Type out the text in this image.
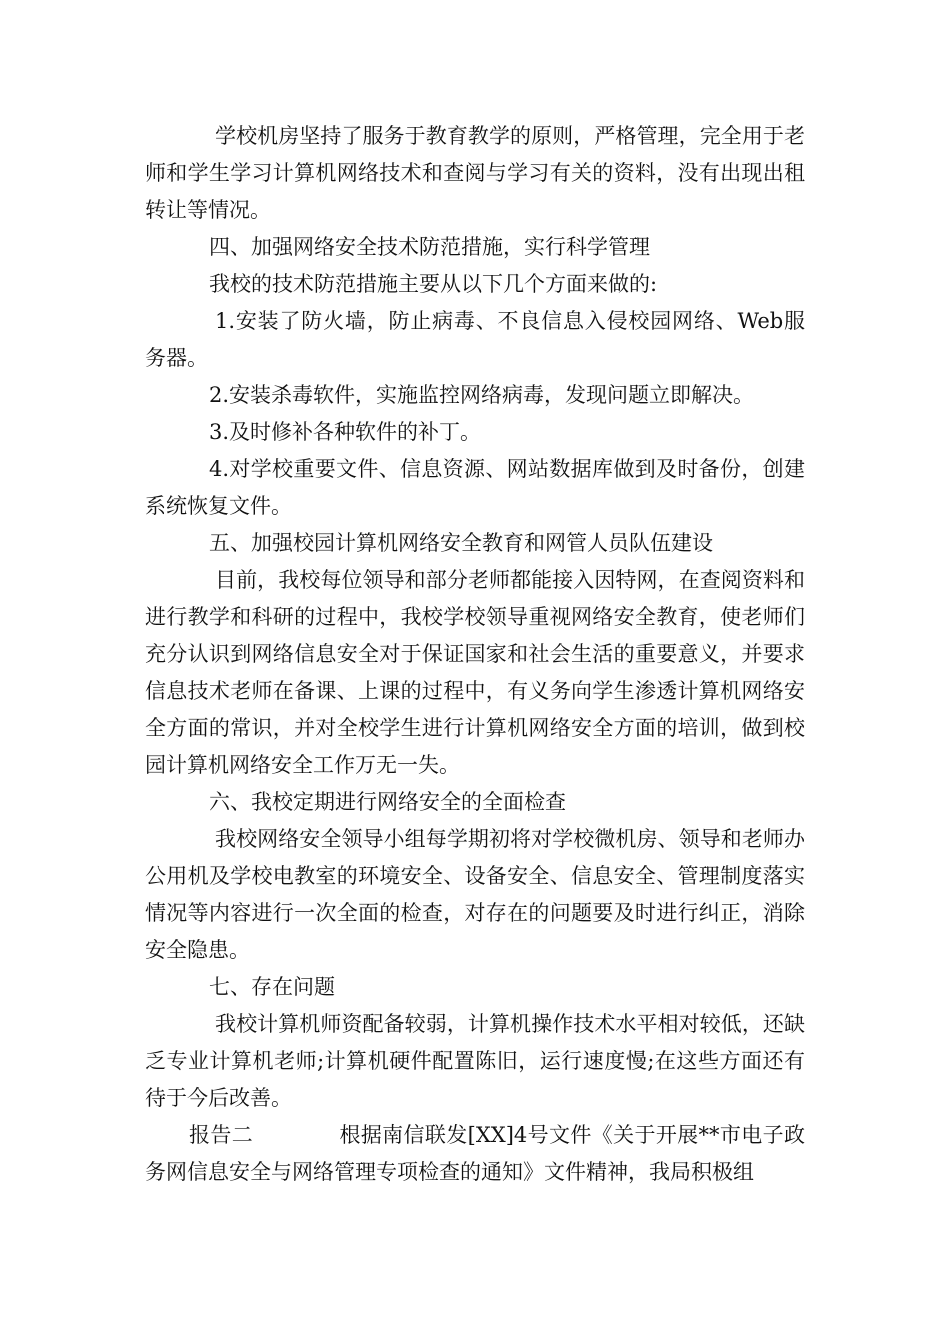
学校机房坚持了服务于教育教学的原则，严格管理，完全用于老师和学生学习计算机网络技术和查阅与学习有关的资料，没有出现出租转让等情况。

四、加强网络安全技术防范措施，实行科学管理

我校的技术防范措施主要从以下几个方面来做的:

1.安装了防火墙，防止病毒、不良信息入侵校园网络、Web服务器。

2.安装杀毒软件，实施监控网络病毒，发现问题立即解决。

3.及时修补各种软件的补丁。

4.对学校重要文件、信息资源、网站数据库做到及时备份，创建系统恢复文件。

五、加强校园计算机网络安全教育和网管人员队伍建设

目前，我校每位领导和部分老师都能接入因特网，在查阅资料和进行教学和科研的过程中，我校学校领导重视网络安全教育，使老师们充分认识到网络信息安全对于保证国家和社会生活的重要意义，并要求信息技术老师在备课、上课的过程中，有义务向学生渗透计算机网络安全方面的常识，并对全校学生进行计算机网络安全方面的培训，做到校园计算机网络安全工作万无一失。

六、我校定期进行网络安全的全面检查

我校网络安全领导小组每学期初将对学校微机房、领导和老师办公用机及学校电教室的环境安全、设备安全、信息安全、管理制度落实情况等内容进行一次全面的检查，对存在的问题要及时进行纠正，消除安全隐患。

七、存在问题

我校计算机师资配备较弱，计算机操作技术水平相对较低，还缺乏专业计算机老师;计算机硬件配置陈旧，运行速度慢;在这些方面还有待于今后改善。

报告二	根据南信联发[XX]4号文件《关于开展**市电子政务网信息安全与网络管理专项检查的通知》文件精神，我局积极组
